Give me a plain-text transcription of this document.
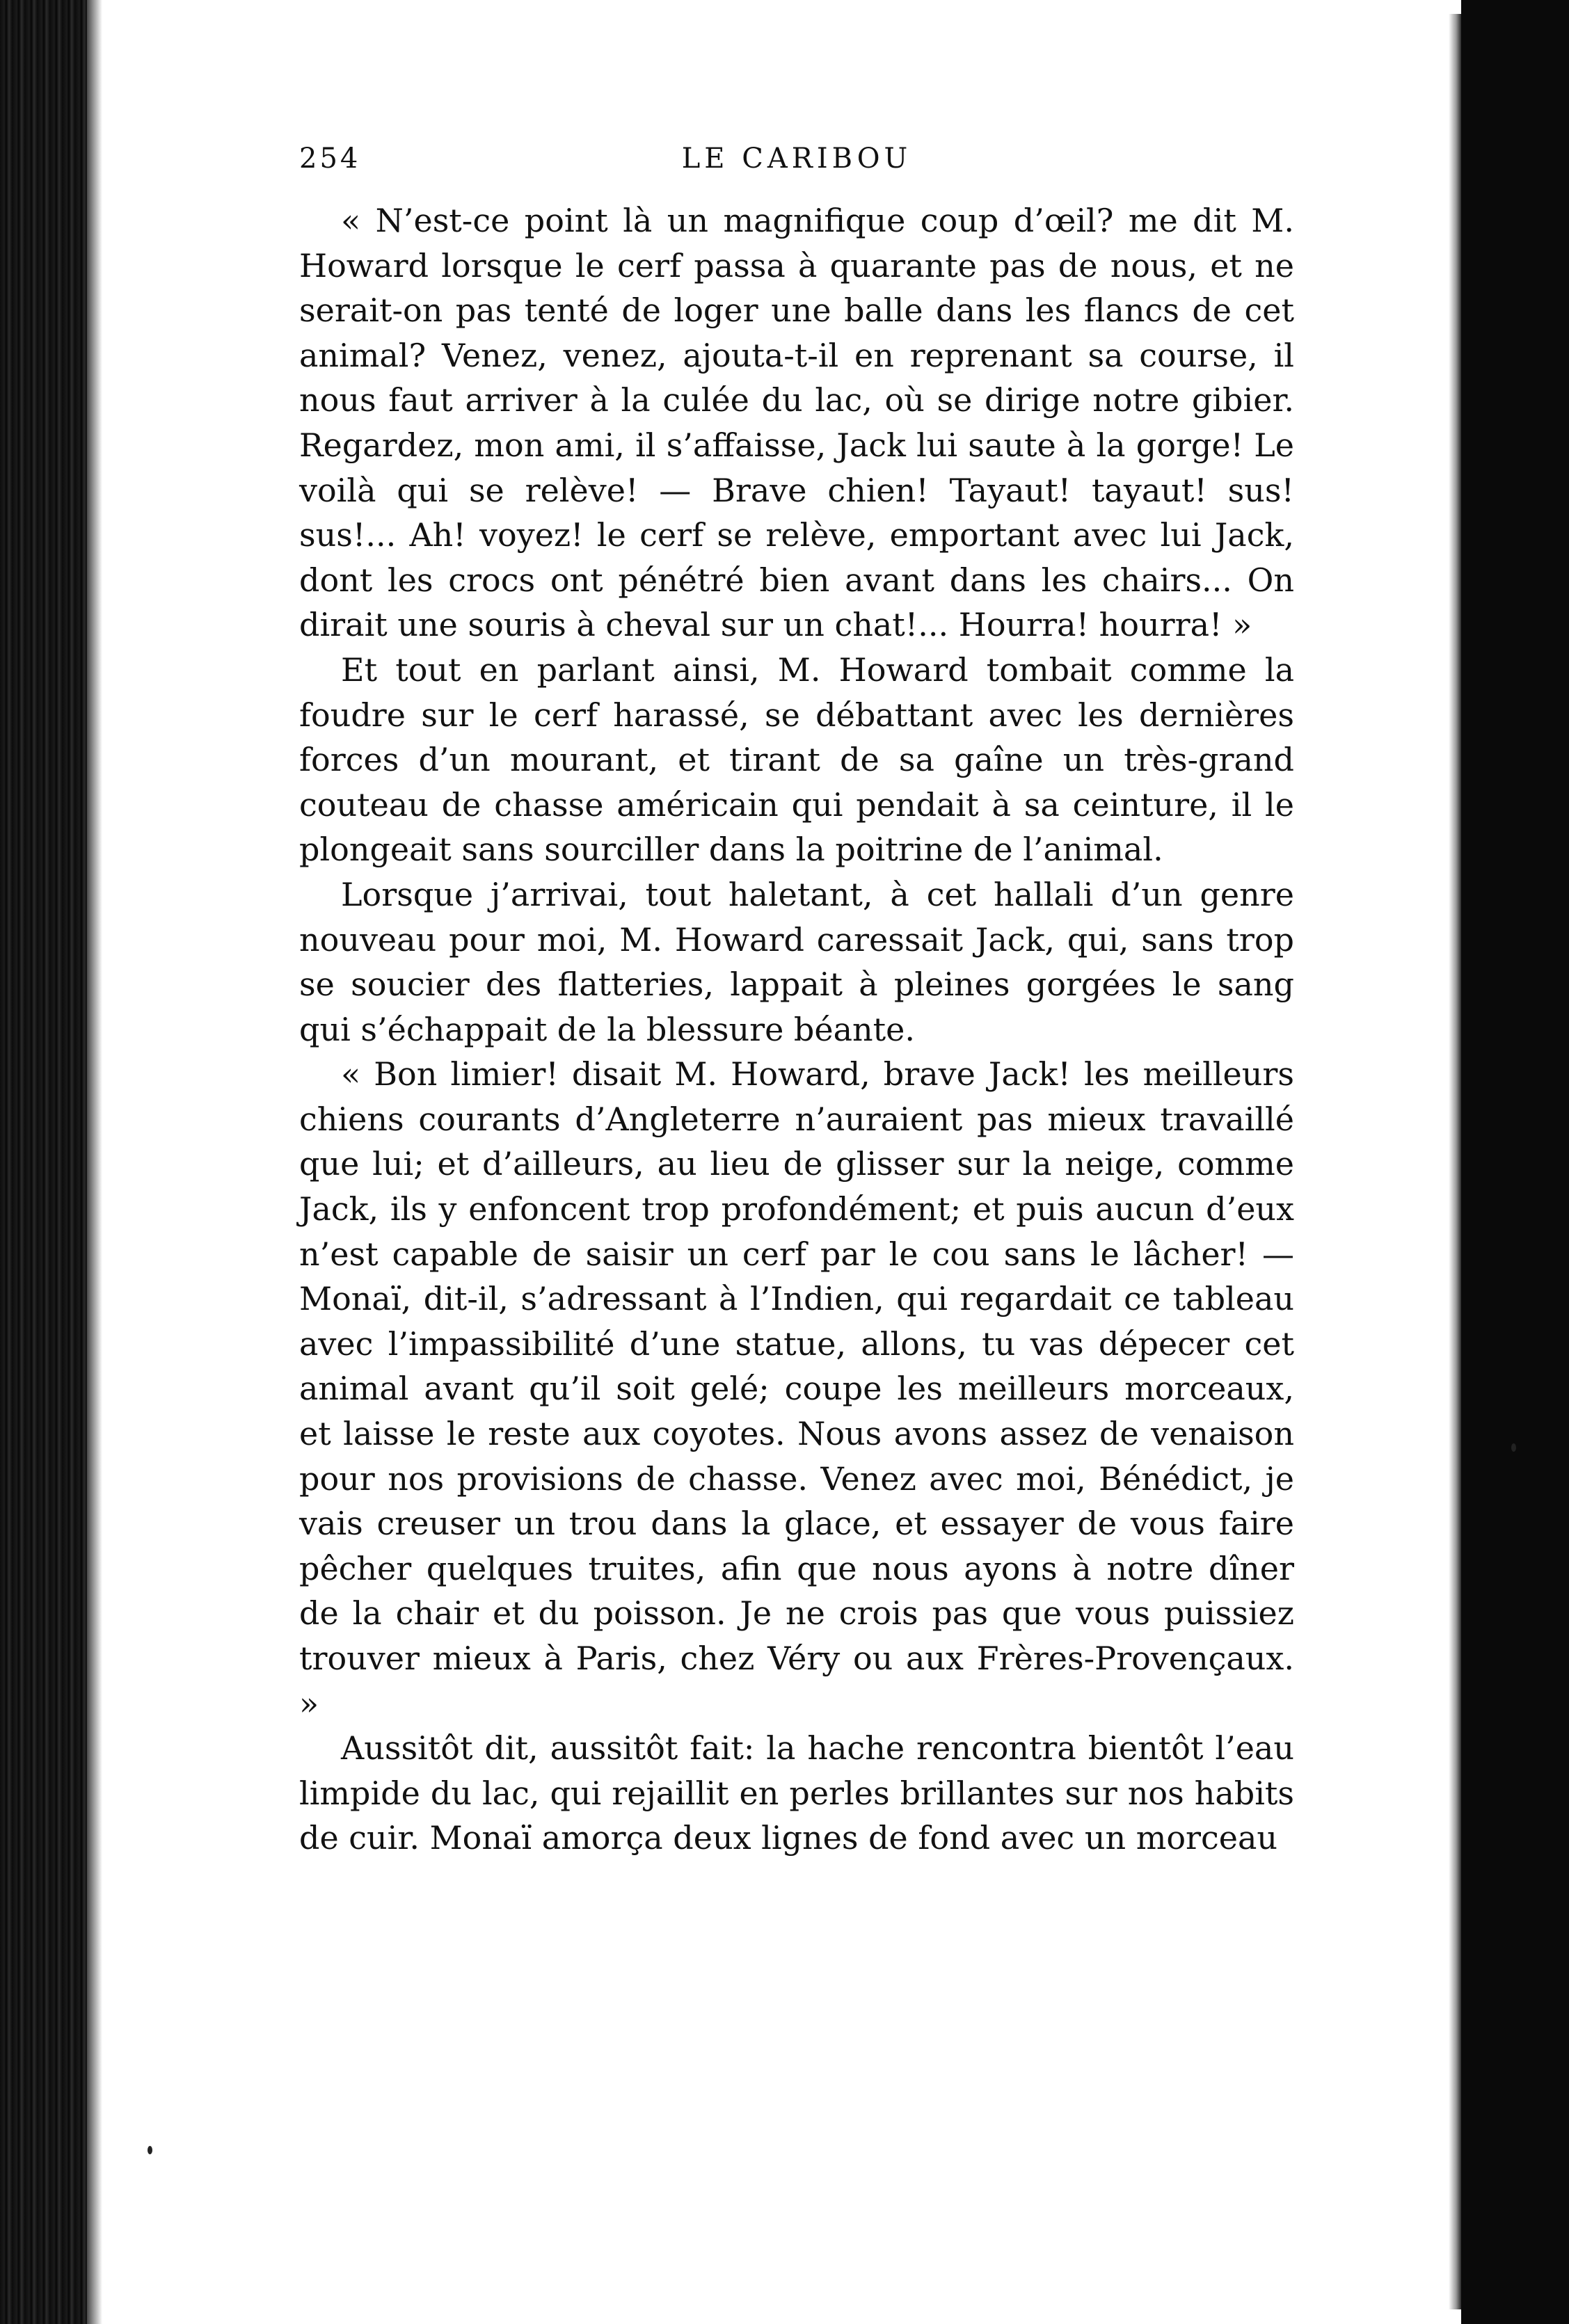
254	LE CARIBOU

« N’est-ce point là un magnifique coup d’œil? me dit M. Howard lorsque le cerf passa à quarante pas de nous, et ne serait-on pas tenté de loger une balle dans les flancs de cet animal? Venez, venez, ajouta-t-il en reprenant sa course, il nous faut arriver à la culée du lac, où se dirige notre gibier. Regardez, mon ami, il s’affaisse, Jack lui saute à la gorge! Le voilà qui se relève! — Brave chien! Tayaut! tayaut! sus! sus!... Ah! voyez! le cerf se relève, emportant avec lui Jack, dont les crocs ont pénétré bien avant dans les chairs... On dirait une souris à cheval sur un chat!... Hourra! hourra! »

Et tout en parlant ainsi, M. Howard tombait comme la foudre sur le cerf harassé, se débattant avec les dernières forces d’un mourant, et tirant de sa gaîne un très-grand couteau de chasse américain qui pendait à sa ceinture, il le plongeait sans sourciller dans la poitrine de l’animal.

Lorsque j’arrivai, tout haletant, à cet hallali d’un genre nouveau pour moi, M. Howard caressait Jack, qui, sans trop se soucier des flatteries, lappait à pleines gorgées le sang qui s’échappait de la blessure béante.

« Bon limier! disait M. Howard, brave Jack! les meilleurs chiens courants d’Angleterre n’auraient pas mieux travaillé que lui; et d’ailleurs, au lieu de glisser sur la neige, comme Jack, ils y enfoncent trop profondément; et puis aucun d’eux n’est capable de saisir un cerf par le cou sans le lâcher! — Monaï, dit-il, s’adressant à l’Indien, qui regardait ce tableau avec l’impassibilité d’une statue, allons, tu vas dépecer cet animal avant qu’il soit gelé; coupe les meilleurs morceaux, et laisse le reste aux coyotes. Nous avons assez de venaison pour nos provisions de chasse. Venez avec moi, Bénédict, je vais creuser un trou dans la glace, et essayer de vous faire pêcher quelques truites, afin que nous ayons à notre dîner de la chair et du poisson. Je ne crois pas que vous puissiez trouver mieux à Paris, chez Véry ou aux Frères-Provençaux. »

Aussitôt dit, aussitôt fait: la hache rencontra bientôt l’eau limpide du lac, qui rejaillit en perles brillantes sur nos habits de cuir. Monaï amorça deux lignes de fond avec un morceau
